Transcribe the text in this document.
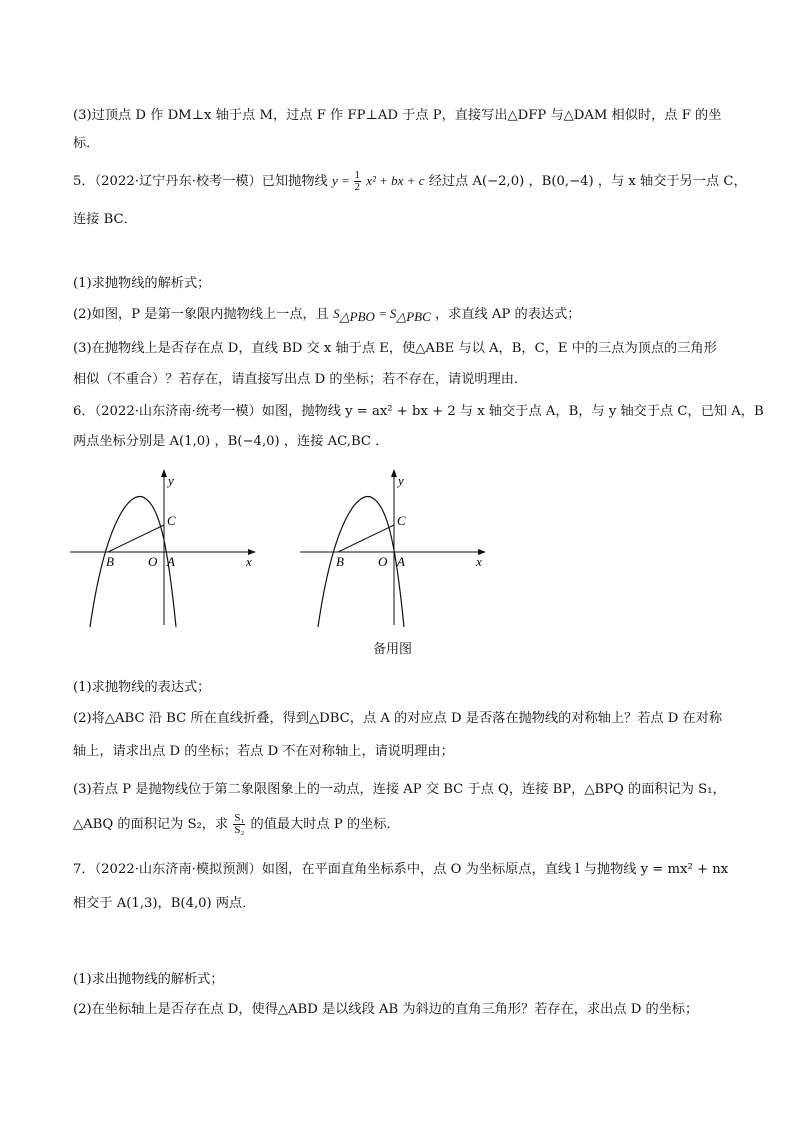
(3)过顶点 D 作 DM⊥x 轴于点 M，过点 F 作 FP⊥AD 于点 P，直接写出△DFP 与△DAM 相似时，点 F 的坐
标．
5．（2022·辽宁丹东·校考一模）已知抛物线 $y = \frac{1}{2} x^2$ + bx + c 经过点 A(−2,0) ，B(0,−4) ，与 x 轴交于另一点 C，
连接 BC．
(1)求抛物线的解析式；
(2)如图，P 是第一象限内抛物线上一点，且 $S_{\triangle PBO} = S_{\triangle PBC}$ ，求直线 AP 的表达式；
(3)在抛物线上是否存在点 D，直线 BD 交 x 轴于点 E，使△ABE 与以 A，B，C，E 中的三点为顶点的三角形
相似（不重合）？若存在，请直接写出点 D 的坐标；若不存在，请说明理由．
6．（2022·山东济南·统考一模）如图，抛物线 y = ax² + bx + 2 与 x 轴交于点 A，B，与 y 轴交于点 C，已知 A，B
两点坐标分别是 A(1,0) ，B(−4,0) ，连接 AC,BC ．
y
x
C
B	O A
y
x
C
B	O A
备用图
(1)求抛物线的表达式；
(2)将△ABC 沿 BC 所在直线折叠，得到△DBC，点 A 的对应点 D 是否落在抛物线的对称轴上？若点 D 在对称
轴上，请求出点 D 的坐标；若点 D 不在对称轴上，请说明理由；
(3)若点 P 是抛物线位于第二象限图象上的一动点，连接 AP 交 BC 于点 Q，连接 BP，△BPQ 的面积记为 S₁，
△ABQ 的面积记为 S₂，求 $\frac{\text{S₁}}{\text{S₂}}$ 的值最大时点 P 的坐标．
7．（2022·山东济南·模拟预测）如图，在平面直角坐标系中，点 O 为坐标原点，直线 l 与抛物线 y = mx² + nx
相交于 A(1,3)，B(4,0) 两点．
(1)求出抛物线的解析式；
(2)在坐标轴上是否存在点 D，使得△ABD 是以线段 AB 为斜边的直角三角形？若存在，求出点 D 的坐标；
